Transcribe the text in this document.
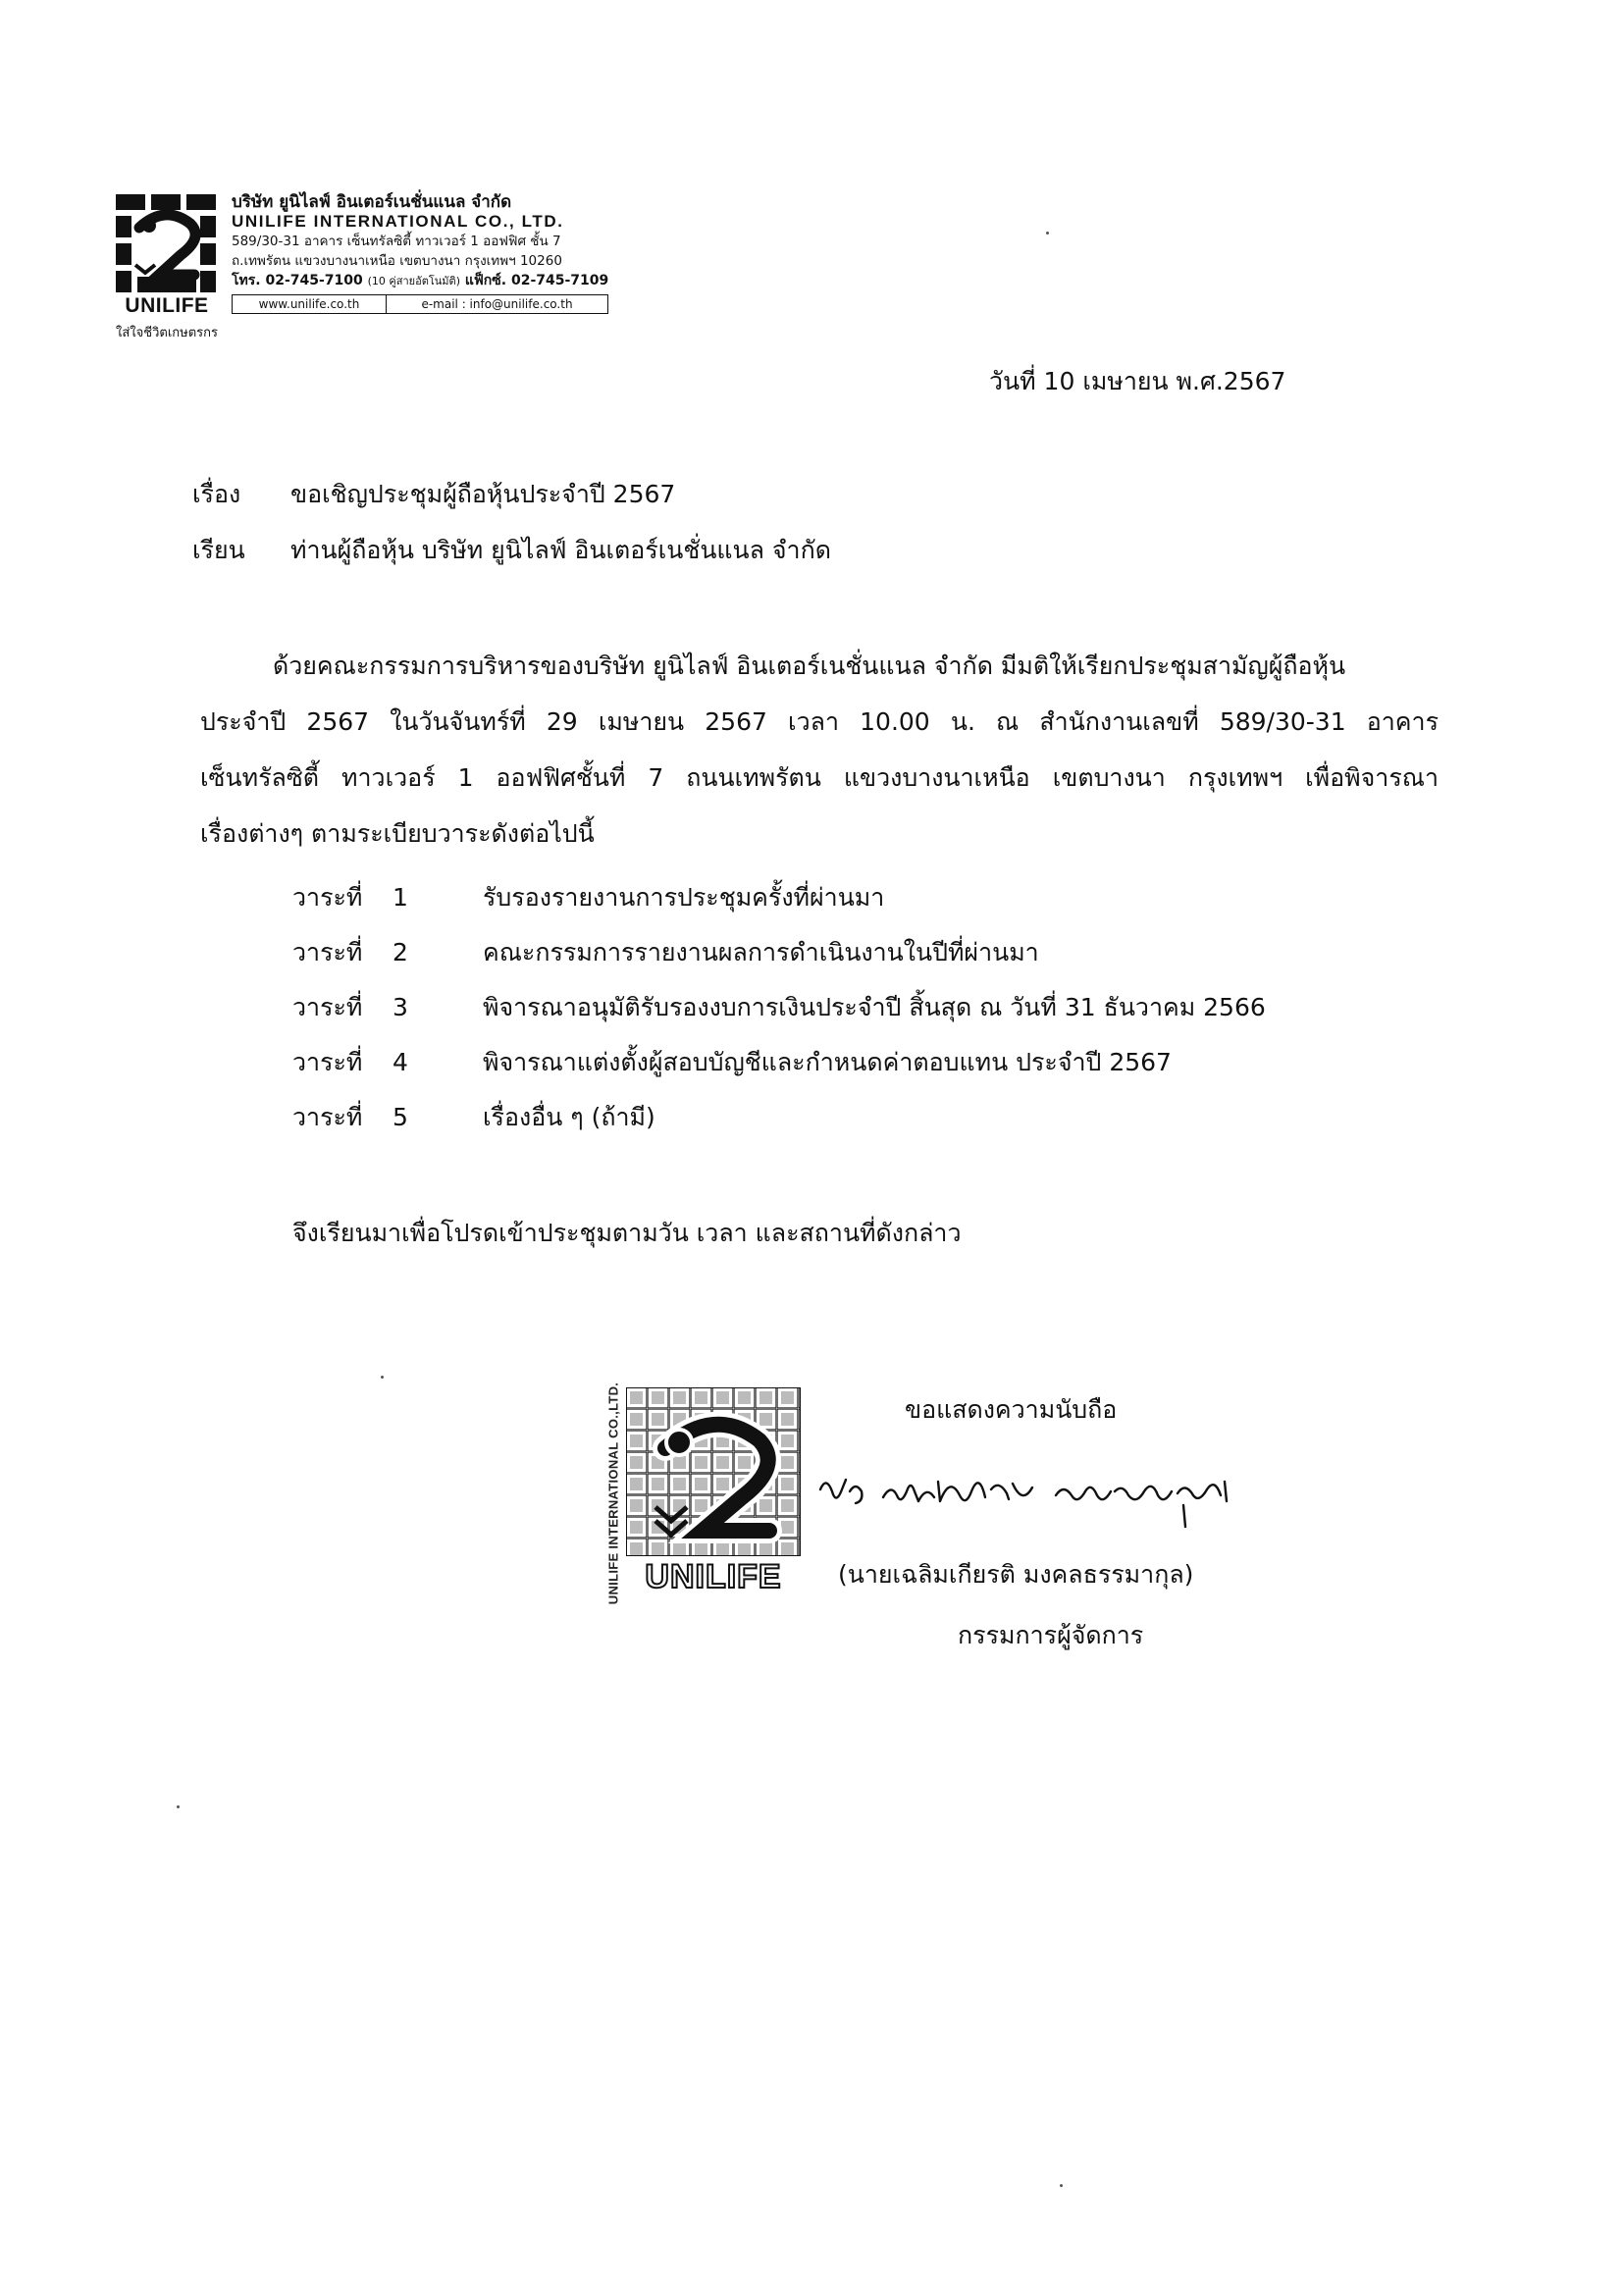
UNILIFE
ใส่ใจชีวิตเกษตรกร
บริษัท ยูนิไลฟ์ อินเตอร์เนชั่นแนล จำกัด
UNILIFE INTERNATIONAL CO., LTD.
589/30-31 อาคาร เซ็นทรัลซิตี้ ทาวเวอร์ 1 ออฟฟิศ ชั้น 7
ถ.เทพรัตน แขวงบางนาเหนือ เขตบางนา กรุงเทพฯ 10260
โทร. 02-745-7100 (10 คู่สายอัตโนมัติ) แฟ็กซ์. 02-745-7109
www.unilife.co.th	e-mail : info@unilife.co.th
วันที่ 10 เมษายน พ.ศ.2567
เรื่อง	ขอเชิญประชุมผู้ถือหุ้นประจำปี 2567
เรียน	ท่านผู้ถือหุ้น บริษัท ยูนิไลฟ์ อินเตอร์เนชั่นแนล จำกัด
ด้วยคณะกรรมการบริหารของบริษัท ยูนิไลฟ์ อินเตอร์เนชั่นแนล จำกัด มีมติให้เรียกประชุมสามัญผู้ถือหุ้น
ประจำปี 2567 ในวันจันทร์ที่ 29 เมษายน 2567 เวลา 10.00 น. ณ สำนักงานเลขที่ 589/30-31 อาคาร
เซ็นทรัลซิตี้ ทาวเวอร์ 1 ออฟฟิศชั้นที่ 7 ถนนเทพรัตน แขวงบางนาเหนือ เขตบางนา กรุงเทพฯ เพื่อพิจารณา
เรื่องต่างๆ ตามระเบียบวาระดังต่อไปนี้
วาระที่	1	รับรองรายงานการประชุมครั้งที่ผ่านมา
วาระที่	2	คณะกรรมการรายงานผลการดำเนินงานในปีที่ผ่านมา
วาระที่	3	พิจารณาอนุมัติรับรองงบการเงินประจำปี สิ้นสุด ณ วันที่ 31 ธันวาคม 2566
วาระที่	4	พิจารณาแต่งตั้งผู้สอบบัญชีและกำหนดค่าตอบแทน ประจำปี 2567
วาระที่	5	เรื่องอื่น ๆ (ถ้ามี)
จึงเรียนมาเพื่อโปรดเข้าประชุมตามวัน เวลา และสถานที่ดังกล่าว
UNILIFE INTERNATIONAL CO.,LTD. UNILIFE
ขอแสดงความนับถือ
(นายเฉลิมเกียรติ มงคลธรรมากุล)
กรรมการผู้จัดการ
